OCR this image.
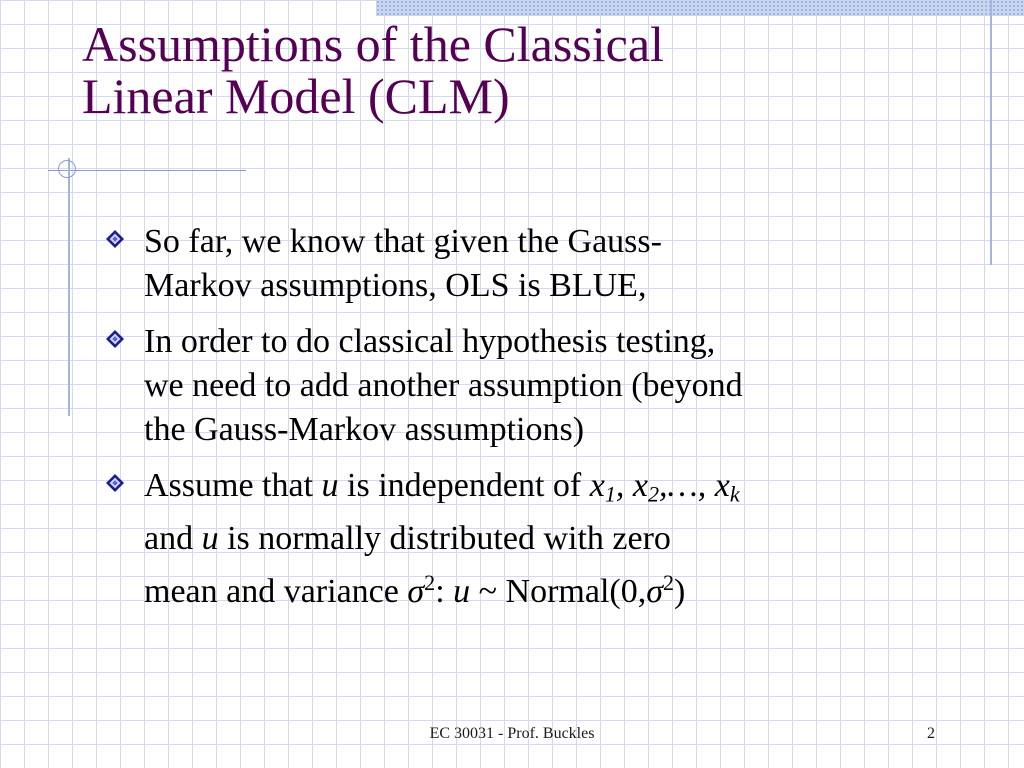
Assumptions of the Classical
Linear Model (CLM)
So far, we know that given the Gauss-
Markov assumptions, OLS is BLUE,
In order to do classical hypothesis testing,
we need to add another assumption (beyond
the Gauss-Markov assumptions)
Assume that u is independent of $x_1$, $x_2,\dots$, $x_k$
and u is normally distributed with zero
mean and variance $\sigma^2$: u ~ $Normal(0,\sigma^2)$
EC 30031 - Prof. Buckles	2
